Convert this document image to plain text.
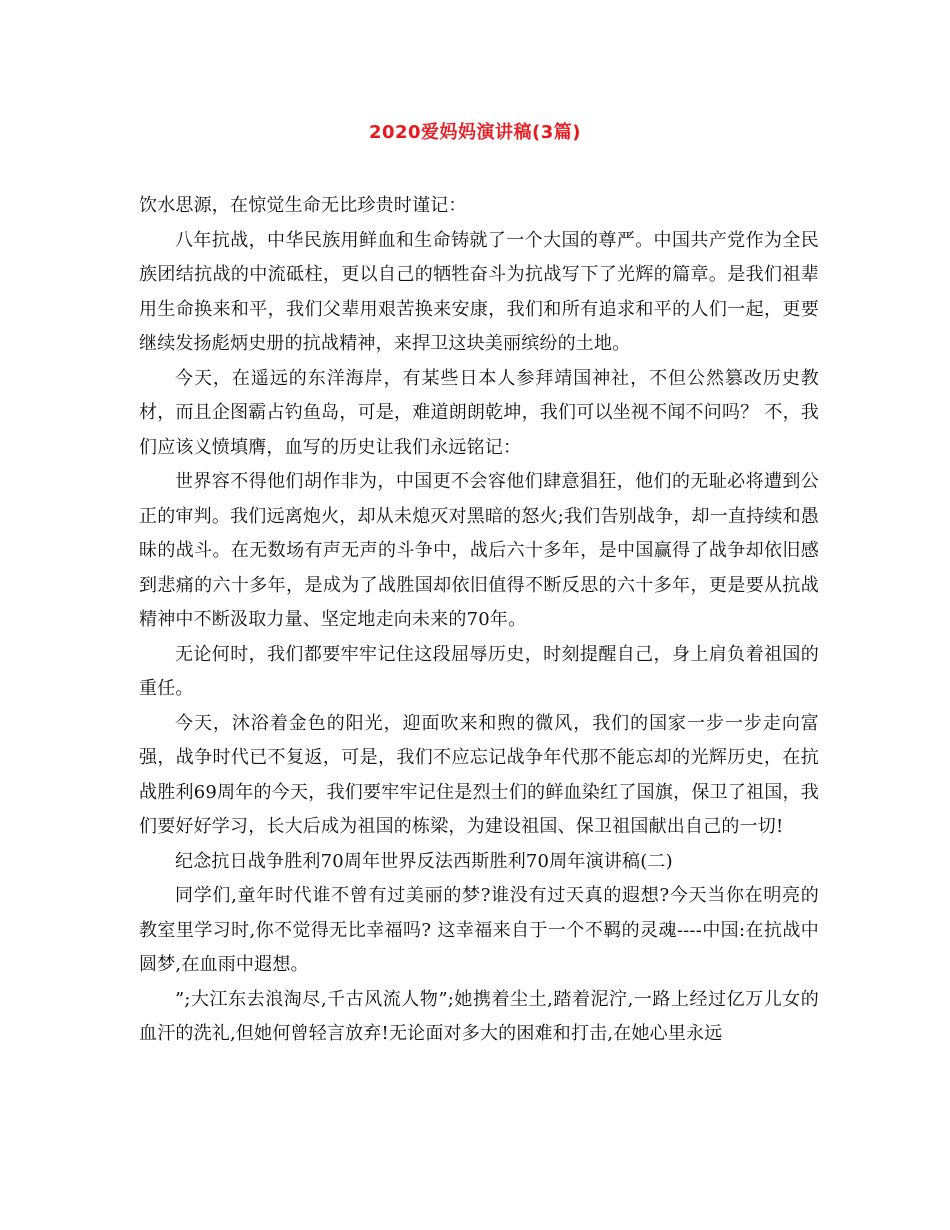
2020爱妈妈演讲稿(3篇)

饮水思源，在惊觉生命无比珍贵时谨记：

八年抗战，中华民族用鲜血和生命铸就了一个大国的尊严。中国共产党作为全民族团结抗战的中流砥柱，更以自己的牺牲奋斗为抗战写下了光辉的篇章。是我们祖辈用生命换来和平，我们父辈用艰苦换来安康，我们和所有追求和平的人们一起，更要继续发扬彪炳史册的抗战精神，来捍卫这块美丽缤纷的土地。

今天，在遥远的东洋海岸，有某些日本人参拜靖国神社，不但公然篡改历史教材，而且企图霸占钓鱼岛，可是，难道朗朗乾坤，我们可以坐视不闻不问吗？ 不，我们应该义愤填膺，血写的历史让我们永远铭记：

世界容不得他们胡作非为，中国更不会容他们肆意猖狂，他们的无耻必将遭到公正的审判。我们远离炮火，却从未熄灭对黑暗的怒火;我们告别战争，却一直持续和愚昧的战斗。在无数场有声无声的斗争中，战后六十多年，是中国赢得了战争却依旧感到悲痛的六十多年，是成为了战胜国却依旧值得不断反思的六十多年，更是要从抗战精神中不断汲取力量、坚定地走向未来的70年。

无论何时，我们都要牢牢记住这段屈辱历史，时刻提醒自己，身上肩负着祖国的重任。

今天，沐浴着金色的阳光，迎面吹来和煦的微风，我们的国家一步一步走向富强，战争时代已不复返，可是，我们不应忘记战争年代那不能忘却的光辉历史，在抗战胜利69周年的今天，我们要牢牢记住是烈士们的鲜血染红了国旗，保卫了祖国，我们要好好学习，长大后成为祖国的栋梁，为建设祖国、保卫祖国献出自己的一切!

纪念抗日战争胜利70周年世界反法西斯胜利70周年演讲稿(二)

同学们,童年时代谁不曾有过美丽的梦?谁没有过天真的遐想?今天当你在明亮的教室里学习时,你不觉得无比幸福吗? 这幸福来自于一个不羁的灵魂----中国:在抗战中圆梦,在血雨中遐想。

”;大江东去浪淘尽,千古风流人物”;她携着尘土,踏着泥泞,一路上经过亿万儿女的血汗的洗礼,但她何曾轻言放弃!无论面对多大的困难和打击,在她心里永远
